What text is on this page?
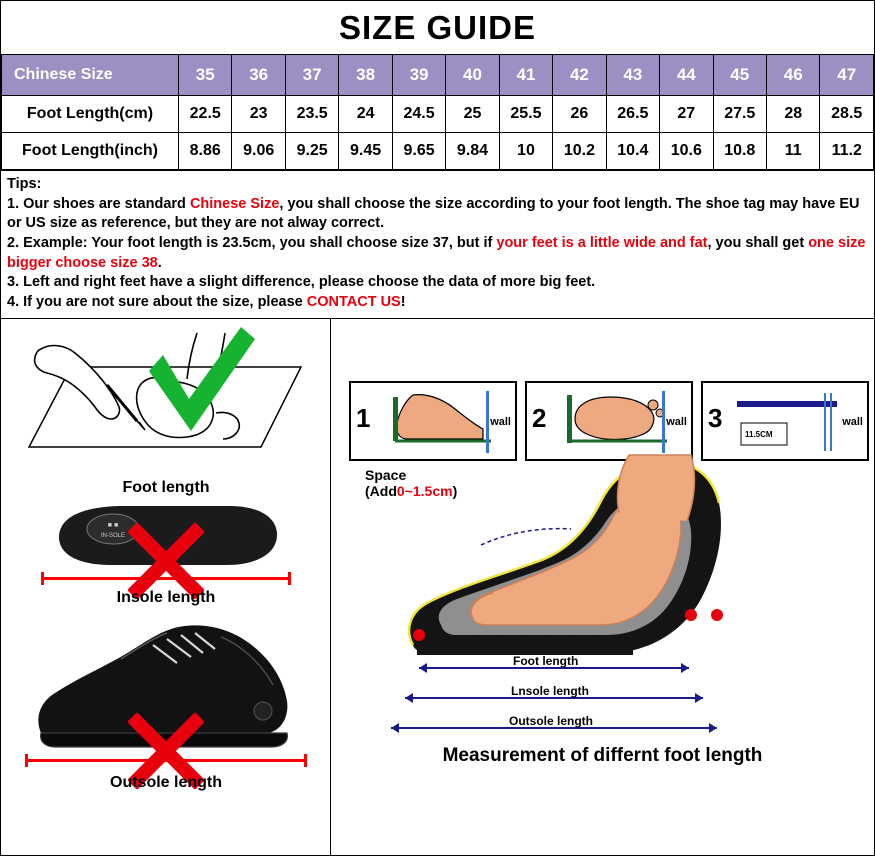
SIZE GUIDE
Chinese Size	35	36	37	38	39	40	41	42	43	44	45	46	47
Foot Length(cm)	22.5	23	23.5	24	24.5	25	25.5	26	26.5	27	27.5	28	28.5
Foot Length(inch)	8.86	9.06	9.25	9.45	9.65	9.84	10	10.2	10.4	10.6	10.8	11	11.2

Tips:

1. Our shoes are standard Chinese Size, you shall choose the size according to your foot length. The shoe tag may have EU or US size as reference, but they are not alway correct.

2. Example: Your foot length is 23.5cm, you shall choose size 37, but if your feet is a little wide and fat, you shall get one size bigger choose size 38.

3. Left and right feet have a slight difference, please choose the data of more big feet.

4. If you are not sure about the size, please CONTACT US!

Foot length
■ ■
IN-SOLE
Insole length
Outsole length
1	wall 2	wall 3
11.5CM
wall
Space
(Add0~1.5cm)
Foot length
Lnsole length
Outsole length
Measurement of differnt foot length
